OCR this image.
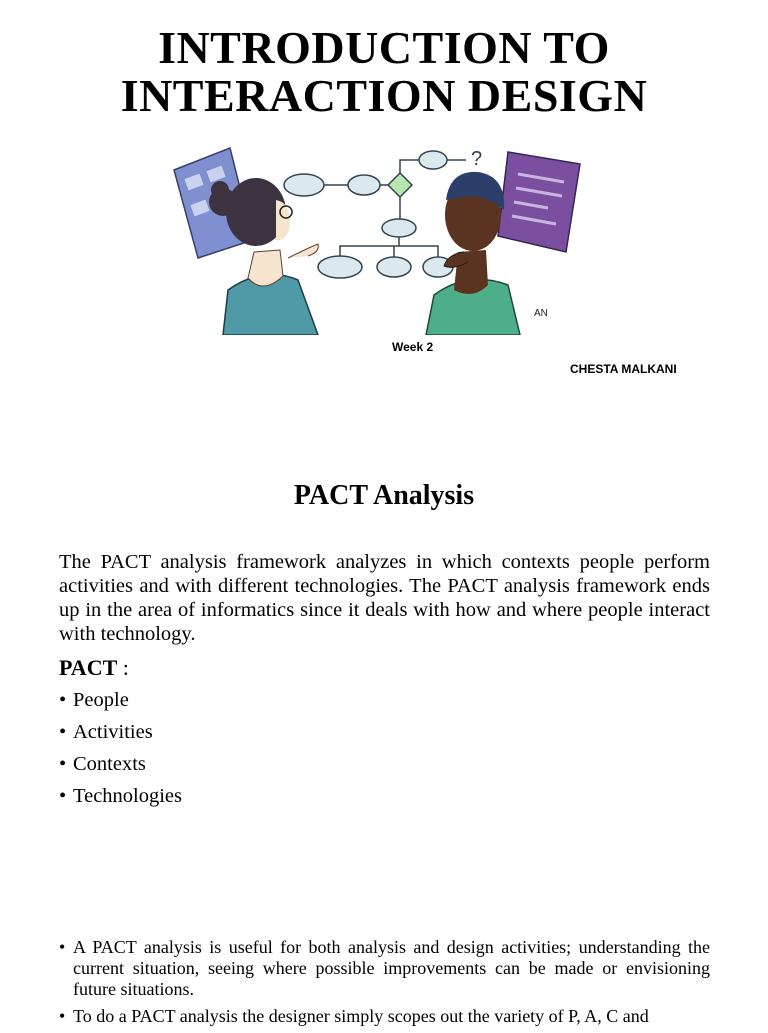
INTRODUCTION TO
INTERACTION DESIGN
?
AN
Week 2
CHESTA MALKANI
PACT Analysis

The PACT analysis framework analyzes in which contexts people perform activities and with different technologies. The PACT analysis framework ends up in the area of informatics since it deals with how and where people interact with technology.

PACT :
• People
• Activities
• Contexts
• Technologies
• A PACT analysis is useful for both analysis and design activities; understanding the current situation, seeing where possible improvements can be made or envisioning future situations.
• To do a PACT analysis the designer simply scopes out the variety of P, A, C and
